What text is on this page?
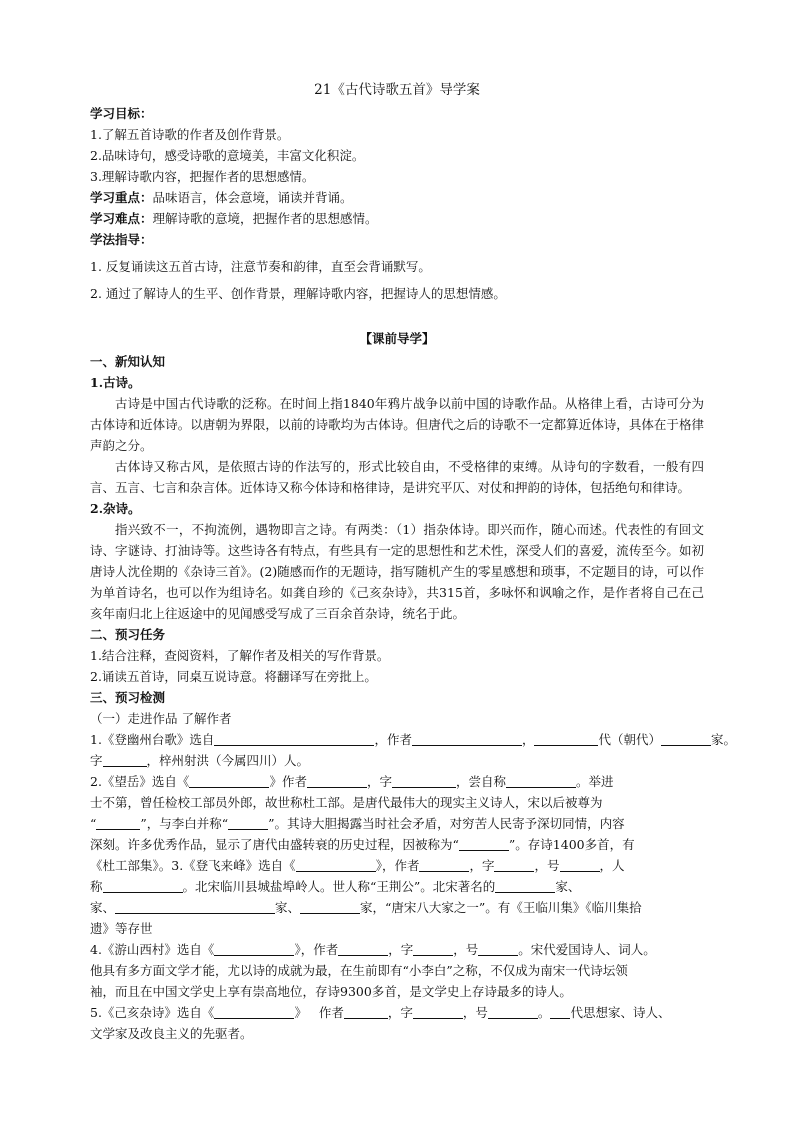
21《古代诗歌五首》导学案

学习目标：

1.了解五首诗歌的作者及创作背景。

2.品味诗句，感受诗歌的意境美，丰富文化积淀。

3.理解诗歌内容，把握作者的思想感情。

学习重点：品味语言，体会意境，诵读并背诵。

学习难点：理解诗歌的意境，把握作者的思想感情。

学法指导：

1. 反复诵读这五首古诗，注意节奏和韵律，直至会背诵默写。

2. 通过了解诗人的生平、创作背景，理解诗歌内容，把握诗人的思想情感。

【课前导学】

一、新知认知

1.古诗。

古诗是中国古代诗歌的泛称。在时间上指1840年鸦片战争以前中国的诗歌作品。从格律上看，古诗可分为古体诗和近体诗。以唐朝为界限，以前的诗歌均为古体诗。但唐代之后的诗歌不一定都算近体诗，具体在于格律声韵之分。

古体诗又称古风，是依照古诗的作法写的，形式比较自由，不受格律的束缚。从诗句的字数看，一般有四言、五言、七言和杂言体。近体诗又称今体诗和格律诗，是讲究平仄、对仗和押韵的诗体，包括绝句和律诗。

2.杂诗。

指兴致不一，不拘流例，遇物即言之诗。有两类：（1）指杂体诗。即兴而作，随心而述。代表性的有回文诗、字谜诗、打油诗等。这些诗各有特点，有些具有一定的思想性和艺术性，深受人们的喜爱，流传至今。如初唐诗人沈佺期的《杂诗三首》。(2)随感而作的无题诗，指写随机产生的零星感想和琐事，不定题目的诗，可以作为单首诗名，也可以作为组诗名。如龚自珍的《己亥杂诗》，共315首，多咏怀和讽喻之作，是作者将自己在己亥年南归北上往返途中的见闻感受写成了三百余首杂诗，统名于此。

二、预习任务

1.结合注释，查阅资料，了解作者及相关的写作背景。

2.诵读五首诗，同桌互说诗意。将翻译写在旁批上。

三、预习检测

（一）走进作品 了解作者

1.《登幽州台歌》选自	，作者	，	代（朝代）	家。

字	，梓州射洪（今属四川）人。

2.《望岳》选自《	》作者	，字	，尝自称	。举进

士不第，曾任检校工部员外郎，故世称杜工部。是唐代最伟大的现实主义诗人，宋以后被尊为

“	”，与李白并称“	”。其诗大胆揭露当时社会矛盾，对穷苦人民寄予深切同情，内容

深刻。许多优秀作品，显示了唐代由盛转衰的历史过程，因被称为“	”。存诗1400多首，有

《杜工部集》。3.《登飞来峰》选自《	》，作者	，字	，号	，人

称	。北宋临川县城盐埠岭人。世人称“王荆公”。北宋著名的	家、

家、	家、	家，“唐宋八大家之一”。有《王临川集》《临川集拾

遗》等存世

4.《游山西村》选自《	》，作者	，字	，号	。宋代爱国诗人、词人。

他具有多方面文学才能，尤以诗的成就为最，在生前即有“小李白”之称，不仅成为南宋一代诗坛领

袖，而且在中国文学史上享有崇高地位，存诗9300多首，是文学史上存诗最多的诗人。

5.《己亥杂诗》选自《	》 作者	，字	，号	。 代思想家、诗人、

文学家及改良主义的先驱者。
